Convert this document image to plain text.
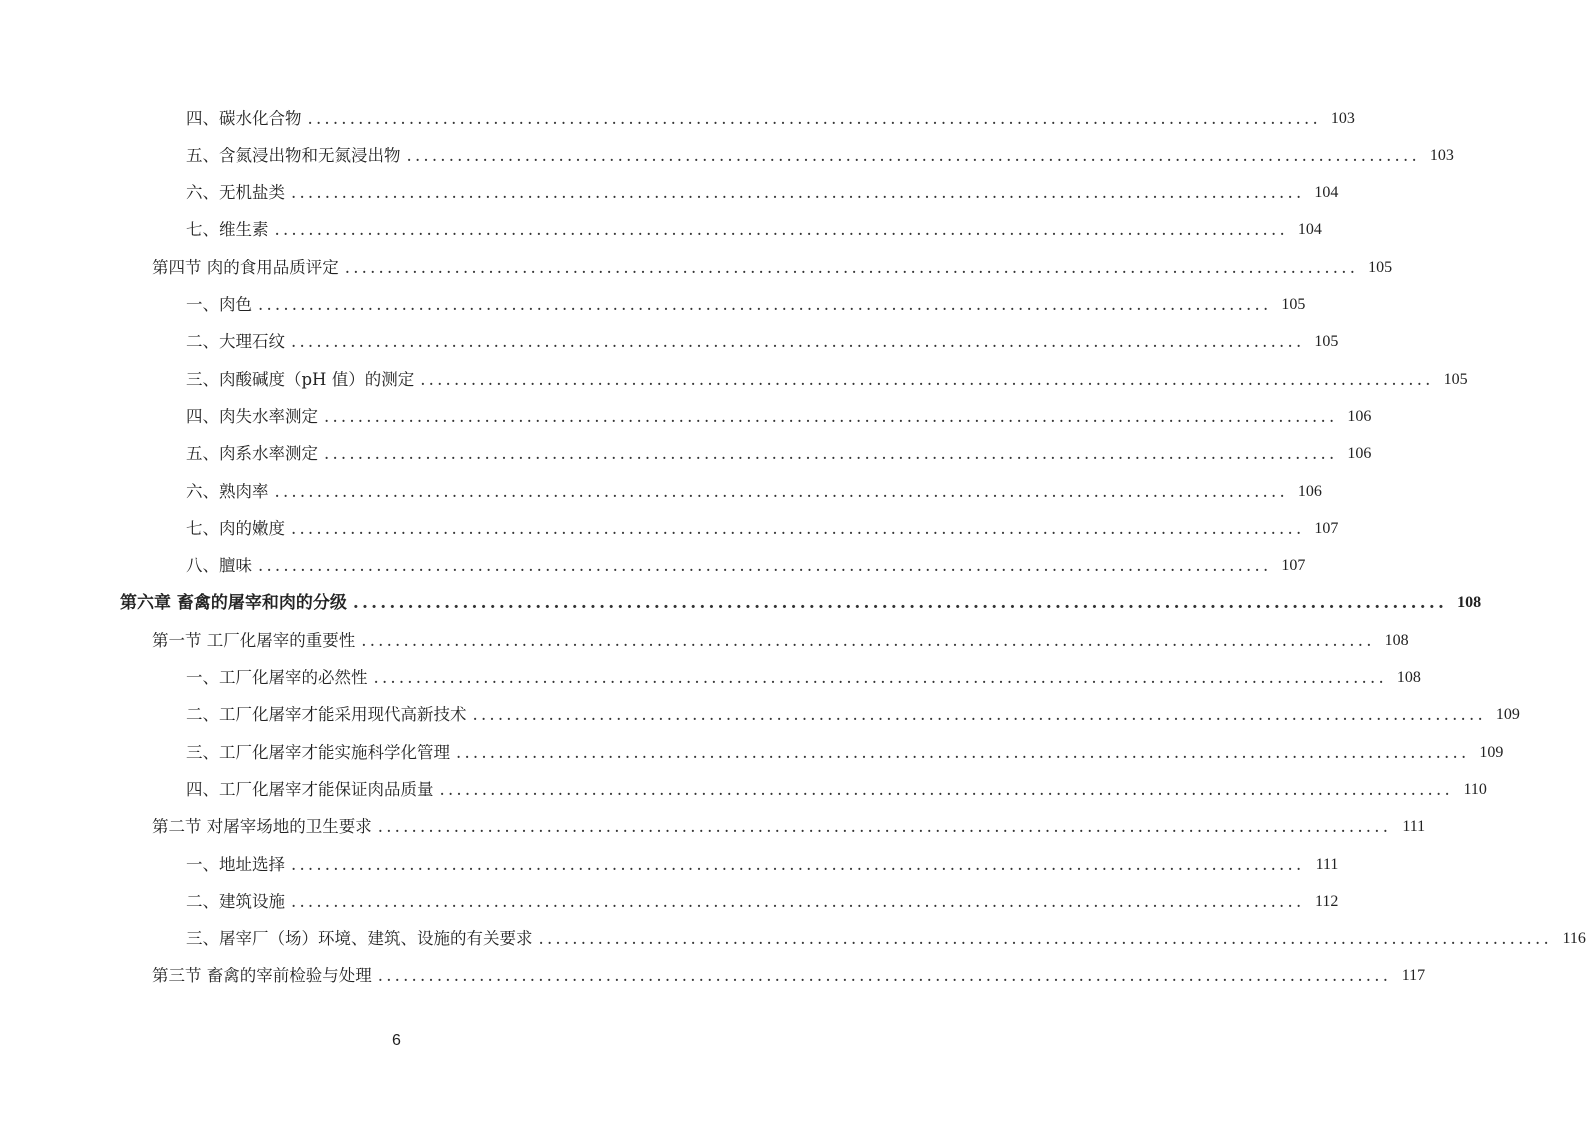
四、碳水化合物 ........................................................................................................................ 103
五、含氮浸出物和无氮浸出物 ........................................................................................................................ 103
六、无机盐类 ........................................................................................................................ 104
七、维生素 ........................................................................................................................ 104
第四节 肉的食用品质评定 ........................................................................................................................ 105
一、肉色 ........................................................................................................................ 105
二、大理石纹 ........................................................................................................................ 105
三、肉酸碱度（pH 值）的测定 ........................................................................................................................ 105
四、肉失水率测定 ........................................................................................................................ 106
五、肉系水率测定 ........................................................................................................................ 106
六、熟肉率 ........................................................................................................................ 106
七、肉的嫩度 ........................................................................................................................ 107
八、膻味 ........................................................................................................................ 107
第六章 畜禽的屠宰和肉的分级 ........................................................................................................................ 108
第一节 工厂化屠宰的重要性 ........................................................................................................................ 108
一、工厂化屠宰的必然性 ........................................................................................................................ 108
二、工厂化屠宰才能采用现代高新技术 ........................................................................................................................ 109
三、工厂化屠宰才能实施科学化管理 ........................................................................................................................ 109
四、工厂化屠宰才能保证肉品质量 ........................................................................................................................ 110
第二节 对屠宰场地的卫生要求 ........................................................................................................................ 111
一、地址选择 ........................................................................................................................ 111
二、建筑设施 ........................................................................................................................ 112
三、屠宰厂（场）环境、建筑、设施的有关要求 ........................................................................................................................ 116
第三节 畜禽的宰前检验与处理 ........................................................................................................................ 117
6
